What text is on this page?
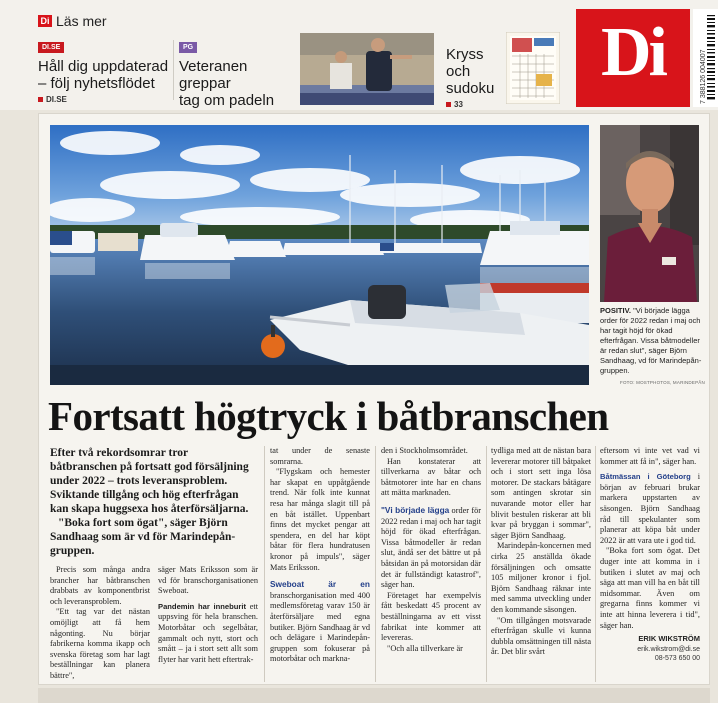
Di Läs mer
DI.SE
Håll dig uppdaterad
– följ nyhetsflödet
DI.SE
PG
Veteranen greppar
tag om padeln
Kryss
och
sudoku
33
Di	7 388126 004007
POSITIV. "Vi började lägga order för 2022 redan i maj och har tagit höjd för ökad efterfrågan. Vissa båtmodeller är redan slut", säger Björn Sandhaag, vd för Marindepån-gruppen.
FOTO: MOSTPHOTOS, MARINDEPÅN
Fortsatt högtryck i båtbranschen

Efter två rekordsomrar tror båtbranschen på fortsatt god försäljning under 2022 – trots leveransproblem.

Sviktande tillgång och hög efterfrågan kan skapa huggsexa hos återförsäljarna.

"Boka fort som ögat", säger Björn Sandhaag som är vd för Marindepån-gruppen.

Precis som många andra brancher har båtbranschen drabbats av komponentbrist och leveransproblem.

"Ett tag var det nästan omöjligt att få hem någonting. Nu börjar fabrikerna komma ikapp och svenska företag som har lagt beställningar kan planera bättre",

säger Mats Eriksson som är vd för branschorganisationen Sweboat.

Pandemin har inneburit ett uppsving för hela branschen. Motorbåtar och segelbåtar, gammalt och nytt, stort och smått – ja i stort sett allt som flyter har varit hett eftertrak-

tat under de senaste somrarna.

"Flygskam och hemester har skapat en uppåtgående trend. När folk inte kunnat resa har många slagit till på en båt istället. Uppenbart finns det mycket pengar att spendera, en del har köpt båtar för flera hundratusen kronor på impuls", säger Mats Eriksson.

Sweboat är en branschorganisation med 400 medlemsföretag varav 150 är återförsäljare med egna butiker. Björn Sandhaag är vd och delägare i Marindepån-gruppen som fokuserar på motorbåtar och markna-

den i Stockholmsområdet.

Han konstaterar att tillverkarna av båtar och båtmotorer inte har en chans att mätta marknaden.

"Vi började lägga order för 2022 redan i maj och har tagit höjd för ökad efterfrågan. Vissa båtmodeller är redan slut, ändå ser det bättre ut på båtsidan än på motorsidan där det är fullständigt katastrof", säger han.

Företaget har exempelvis fått beskedatt 45 procent av beställningarna av ett visst fabrikat inte kommer att levereras.

"Och alla tillverkare är

tydliga med att de nästan bara levererar motorer till båtpaket och i stort sett inga lösa motorer. De stackars båtägare som antingen skrotar sin nuvarande motor eller har blivit bestulen riskerar att bli kvar på bryggan i sommar", säger Björn Sandhaag.

Marindepån-koncernen med cirka 25 anställda ökade försäljningen och omsatte 105 miljoner kronor i fjol. Björn Sandhaag räknar inte med samma utveckling under den kommande säsongen.

"Om tillgången motsvarade efterfrågan skulle vi kunna dubbla omsättningen till nästa år. Det blir svårt

eftersom vi inte vet vad vi kommer att få in", säger han.

Båtmässan i Göteborg i början av februari brukar markera uppstarten av säsongen. Björn Sandhaag råd till spekulanter som planerar att köpa båt under 2022 är att vara ute i god tid.

"Boka fort som ögat. Det duger inte att komma in i butiken i slutet av maj och säga att man vill ha en båt till midsommar. Även om gregarna finns kommer vi inte att hinna leverera i tid", säger han.

ERIK WIKSTRÖM
erik.wikstrom@di.se
08-573 650 00
